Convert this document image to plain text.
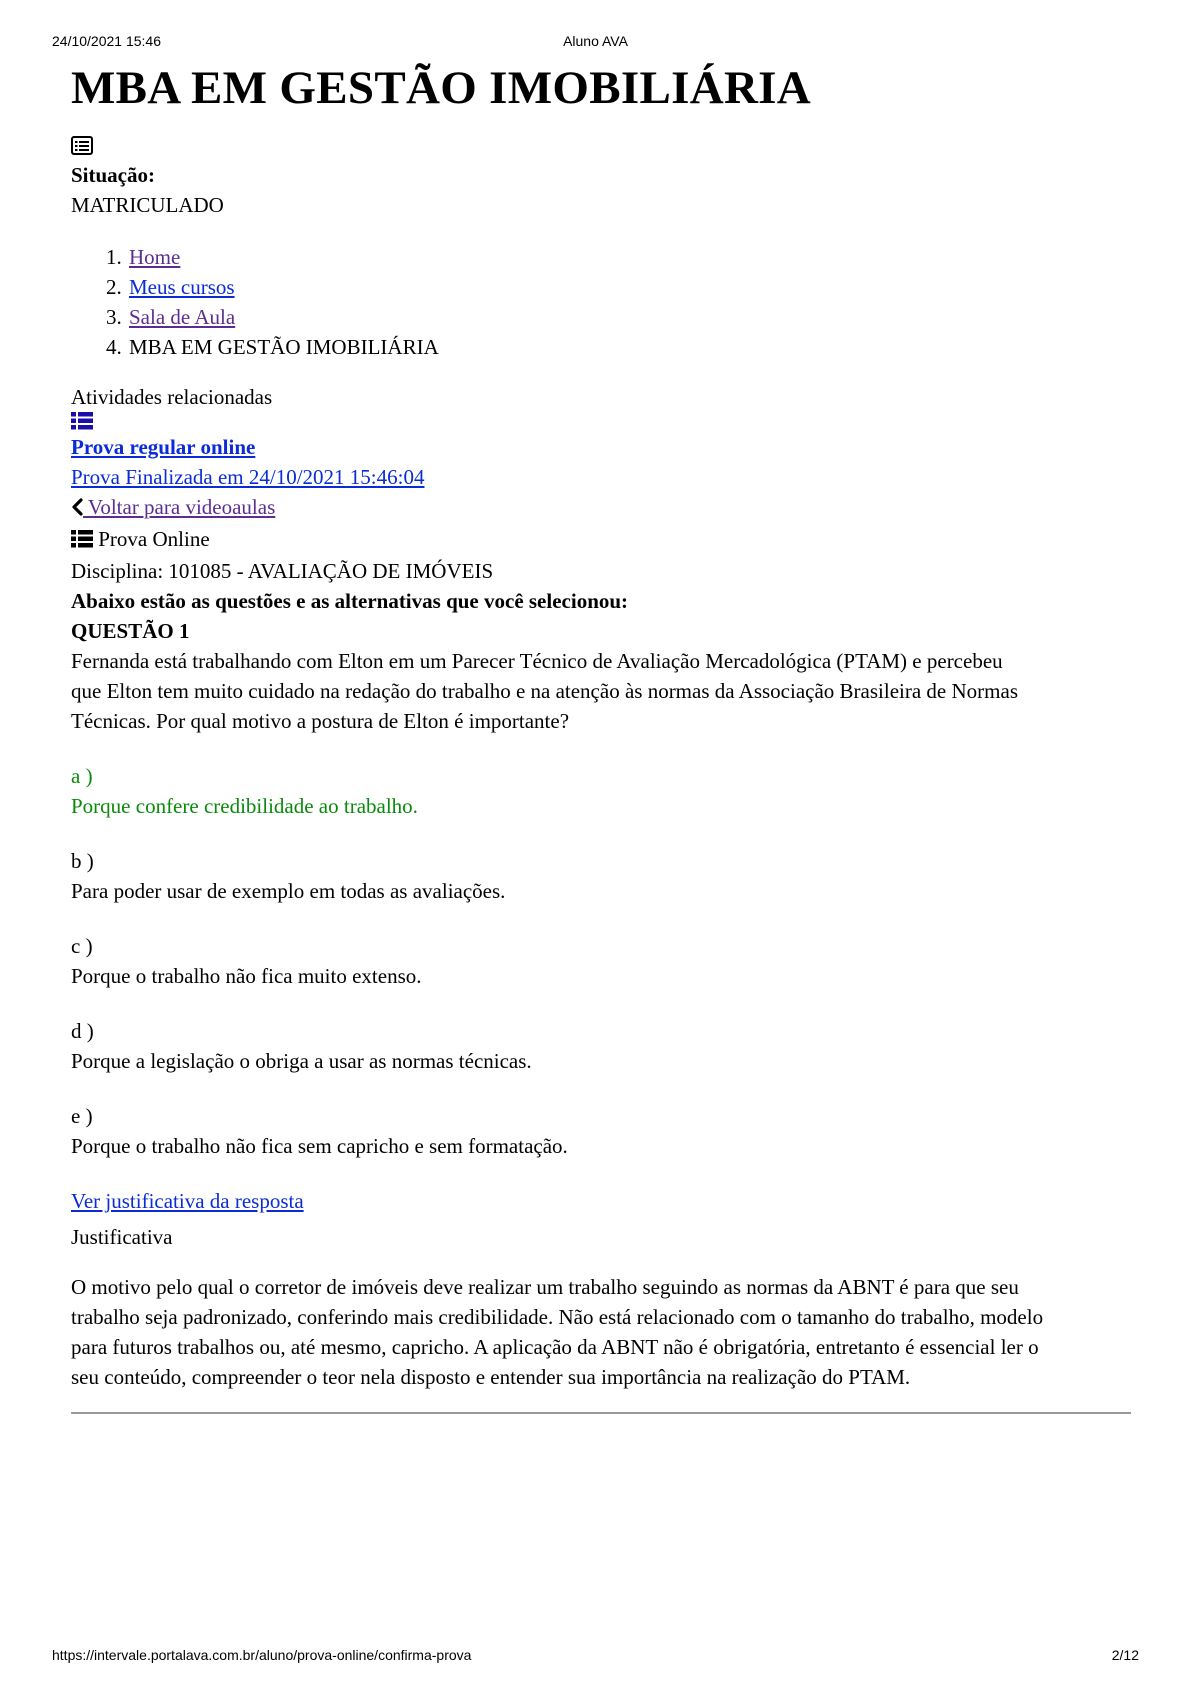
24/10/2021 15:46	Aluno AVA
MBA EM GESTÃO IMOBILIÁRIA
Situação:
MATRICULADO
1. Home
2. Meus cursos
3. Sala de Aula
4. MBA EM GESTÃO IMOBILIÁRIA
Atividades relacionadas
Prova regular online
Prova Finalizada em 24/10/2021 15:46:04
Voltar para videoaulas
Prova Online
Disciplina: 101085 - AVALIAÇÃO DE IMÓVEIS
Abaixo estão as questões e as alternativas que você selecionou:
QUESTÃO 1
Fernanda está trabalhando com Elton em um Parecer Técnico de Avaliação Mercadológica (PTAM) e percebeu
que Elton tem muito cuidado na redação do trabalho e na atenção às normas da Associação Brasileira de Normas
Técnicas. Por qual motivo a postura de Elton é importante?
a )
Porque confere credibilidade ao trabalho.
b )
Para poder usar de exemplo em todas as avaliações.
c )
Porque o trabalho não fica muito extenso.
d )
Porque a legislação o obriga a usar as normas técnicas.
e )
Porque o trabalho não fica sem capricho e sem formatação.
Ver justificativa da resposta
Justificativa
O motivo pelo qual o corretor de imóveis deve realizar um trabalho seguindo as normas da ABNT é para que seu
trabalho seja padronizado, conferindo mais credibilidade. Não está relacionado com o tamanho do trabalho, modelo
para futuros trabalhos ou, até mesmo, capricho. A aplicação da ABNT não é obrigatória, entretanto é essencial ler o
seu conteúdo, compreender o teor nela disposto e entender sua importância na realização do PTAM.
https://intervale.portalava.com.br/aluno/prova-online/confirma-prova	2/12
